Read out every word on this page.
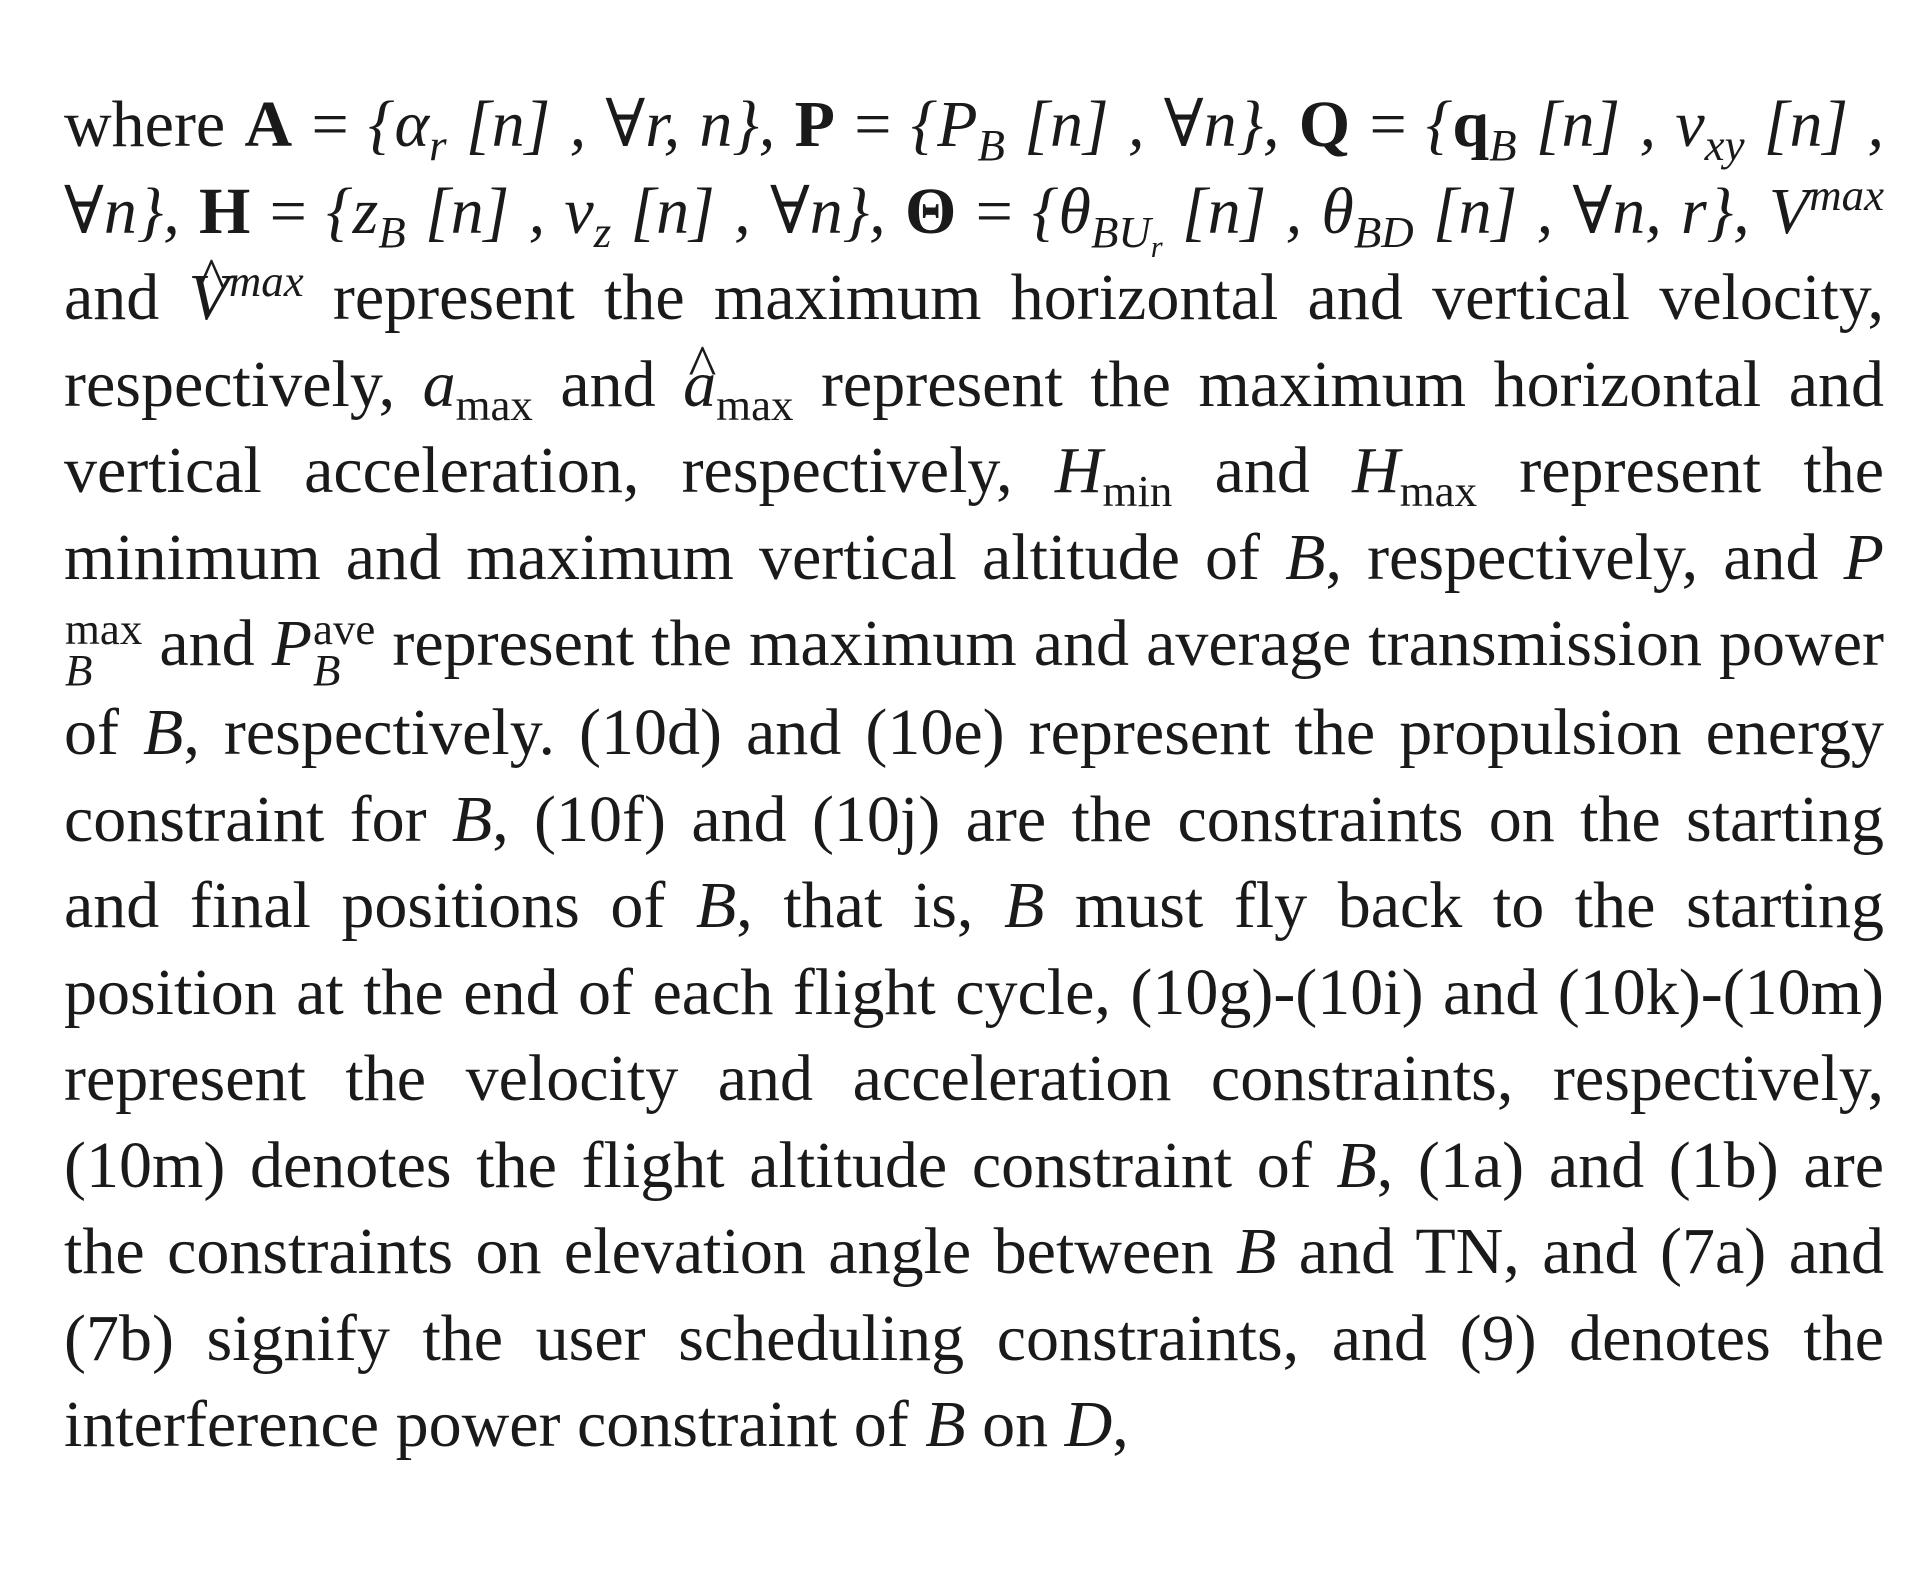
where $A = \{\alpha_r$ [n] , ∀r, n}, $P = \{P_B$ [n] , ∀n}, $Q = \{q_B$ [n] , $v_{xy}$ [n] , ∀n}, $H = \{z_B$ [n] , $v_z$ [n] , ∀n}, $\Theta = \{\theta_{BU_r}$ [n] , $\theta_{BD}$ [n] , ∀n, r}, $V^{max}$ and ^ $V^{max}$ represent the maximum horizontal and vertical velocity, respectively, $a_{max}$ and ^ $a_{max}$ represent the maximum horizontal and vertical acceleration, respectively, $H_{min}$ and $H_{max}$ represent the minimum and maximum vertical altitude of B, respectively, and P
max
B and P ave
B represent the maximum and average transmission power of B, respectively. (10d) and (10e) represent the propulsion energy constraint for B, (10f) and (10j) are the constraints on the starting and final positions of B, that is, B must fly back to the starting position at the end of each flight cycle, (10g)-(10i) and (10k)-(10m) represent the velocity and acceleration constraints, respectively, (10m) denotes the flight altitude constraint of B, (1a) and (1b) are the constraints on elevation angle between B and TN, and (7a) and (7b) signify the user scheduling constraints, and (9) denotes the interference power constraint of B on D,
